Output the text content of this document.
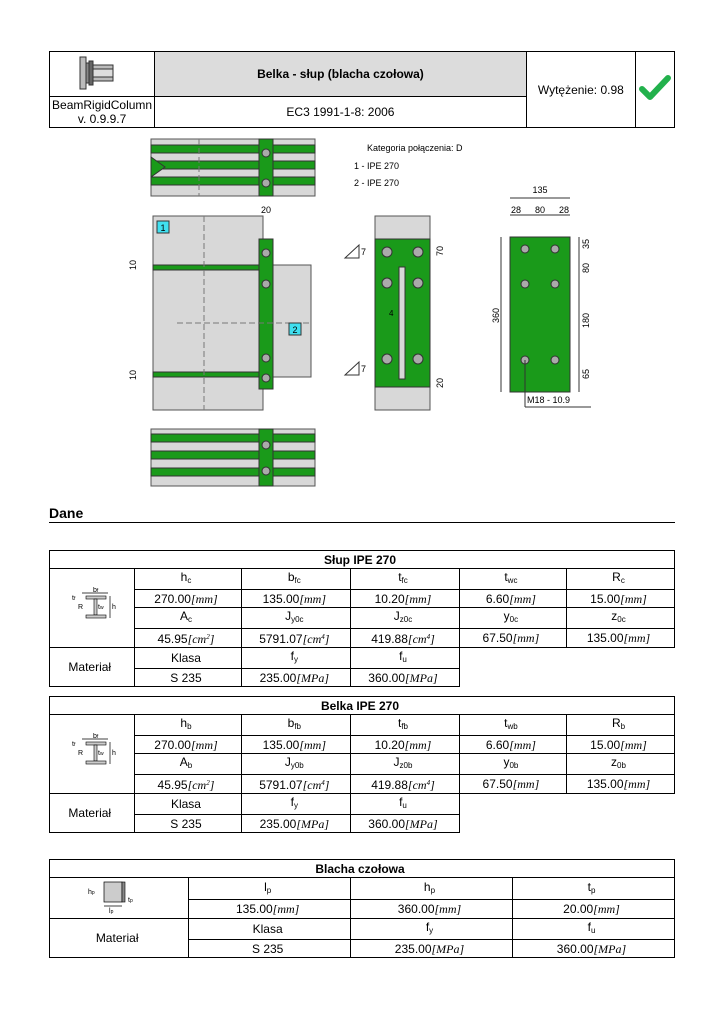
	Belka - słup (blacha czołowa)	Wytężenie: 0.98	

BeamRigidColumn
v. 0.9.9.7	EC3 1991-1-8: 2006		
1
2
20
10
10
Kategoria połączenia: D
1 - IPE 270
2 - IPE 270
7
7
4
70
20
135
28 80 28
360
35
80
180
65
M18 - 10.9
Dane
Słup IPE 270					

bf
tf
tw
R h	$h_c$	$b_{fc}$	$t_{fc}$	$t_{wc}$	$R_c$
	270.00[mm]	135.00[mm]	10.20[mm]	6.60[mm]	15.00[mm]
	$A_c$	$J_{y0c}$	$J_{z0c}$	$y_{0c}$	$z_{0c}$
	$45.95[cm^2]$	$5791.07[cm^4]$	$419.88[cm^4]$	67.50[mm]	135.00[mm]
Materiał	Klasa	$f_y$	$f_u$	
	S 235	235.00[MPa]	360.00[MPa]		
Belka IPE 270					

bf
tf
tw
R h	$h_b$	$b_{fb}$	$t_{fb}$	$t_{wb}$	$R_b$
	270.00[mm]	135.00[mm]	10.20[mm]	6.60[mm]	15.00[mm]
	$A_b$	$J_{y0b}$	$J_{z0b}$	$y_{0b}$	$z_{0b}$
	$45.95[cm^2]$	$5791.07[cm^4]$	$419.88[cm^4]$	67.50[mm]	135.00[mm]
Materiał	Klasa	$f_y$	$f_u$	
	S 235	235.00[MPa]	360.00[MPa]		
Blacha czołowa			

hp
lp
tp	$l_p$	$h_p$	$t_p$
	135.00[mm]	360.00[mm]	20.00[mm]
Materiał	Klasa	$f_y$	$f_u$
	S 235	235.00[MPa]	360.00[MPa]
